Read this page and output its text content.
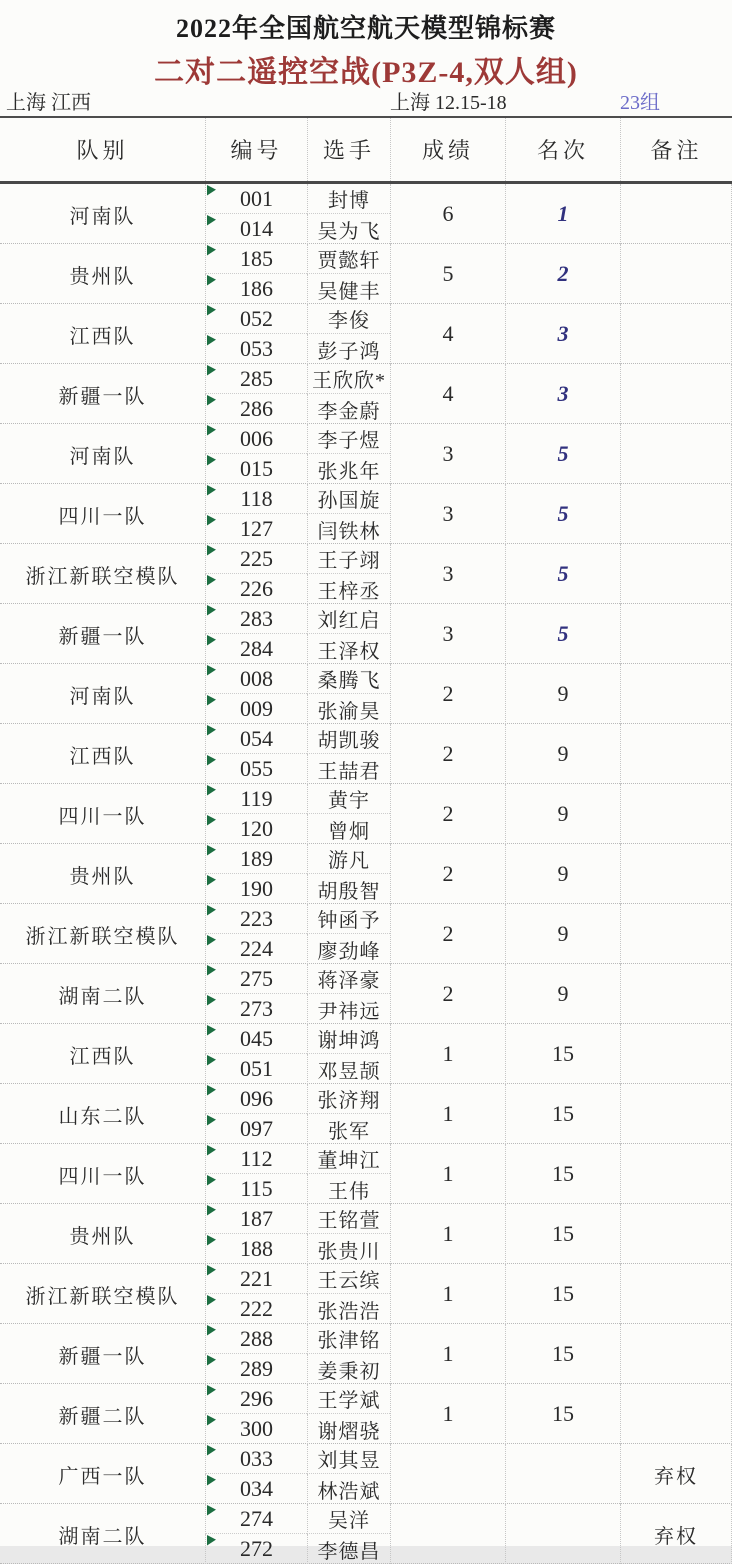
2022年全国航空航天模型锦标赛
二对二遥控空战(P3Z-4,双人组)
上海 江西	上海 12.15-18	23组
队别	编号	选手	成绩	名次	备注
河南队
001	封博
014	吴为飞
6	1
贵州队
185	贾懿轩
186	吴健丰
5	2
江西队
052	李俊
053	彭子鸿
4	3
新疆一队
285 王欣欣*
286	李金蔚
4	3
河南队
006	李子煜
015	张兆年
3	5
四川一队
118	孙国旋
127	闫铁林
3	5
浙江新联空模队
225	王子翊
226	王梓丞
3	5
新疆一队
283	刘红启
284	王泽权
3	5
河南队
008	桑腾飞
009	张渝昊
2	9
江西队
054	胡凯骏
055	王喆君
2	9
四川一队
119	黄宇
120	曾炯
2	9
贵州队
189	游凡
190	胡殷智
2	9
浙江新联空模队
223	钟函予
224	廖劲峰
2	9
湖南二队
275	蒋泽豪
273	尹祎远
2	9
江西队
045	谢坤鸿
051	邓昱颉
1	15
山东二队
096	张济翔
097	张军
1	15
四川一队
112	董坤江
115	王伟
1	15
贵州队
187	王铭萱
188	张贵川
1	15
浙江新联空模队
221	王云缤
222	张浩浩
1	15
新疆一队
288	张津铭
289	姜秉初
1	15
新疆二队
296	王学斌
300	谢熠骁
1	15
广西一队
033	刘其昱
034	林浩斌
弃权
湖南二队
274	吴洋
272	李德昌
弃权
